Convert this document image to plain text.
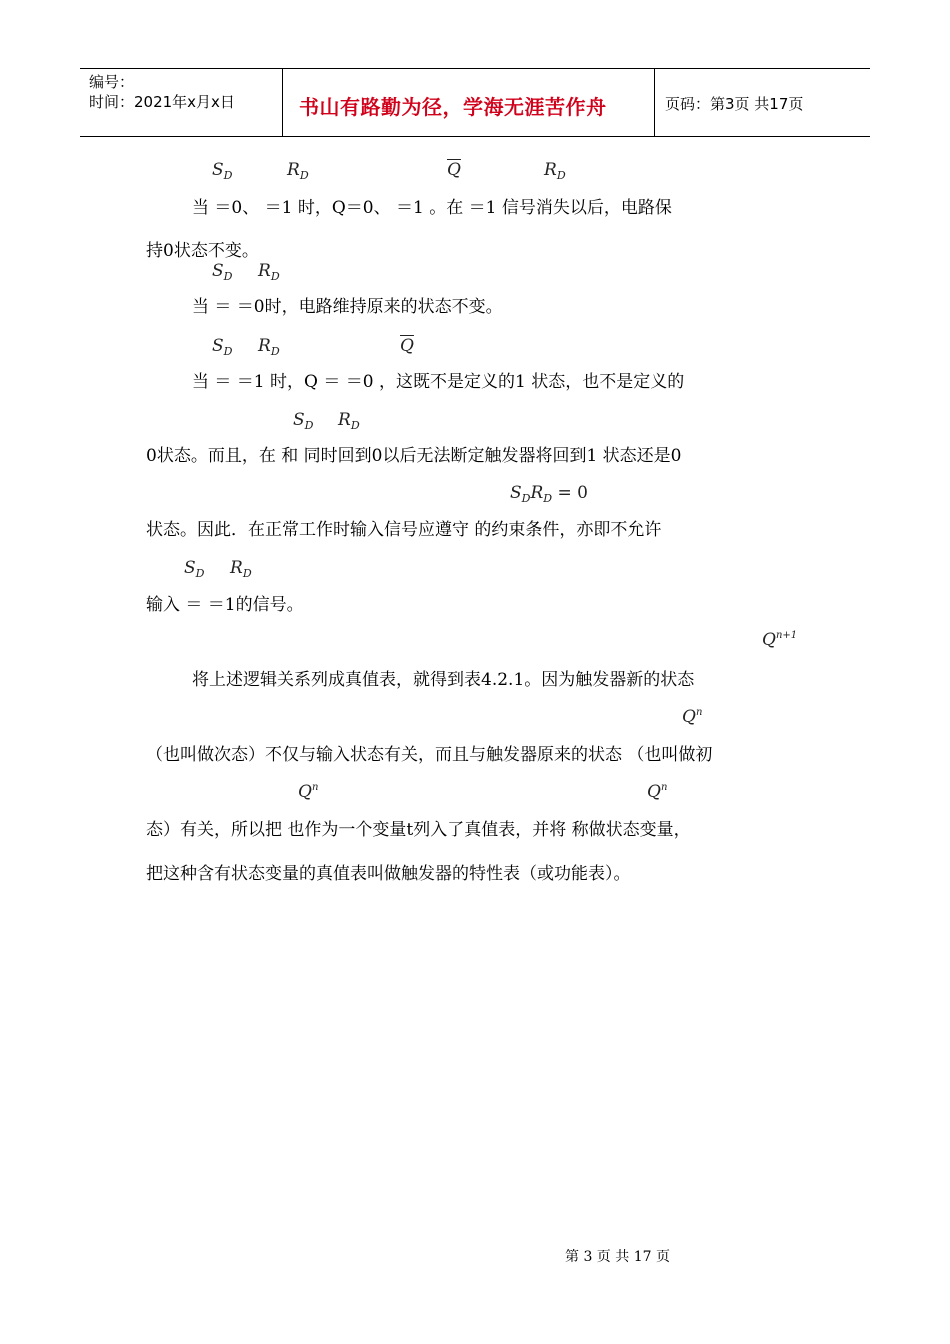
编号：
时间：2021年x月x日	书山有路勤为径，学海无涯苦作舟	页码：第3页 共17页
$S_D$	$R_D$	$\overline{Q}$	$R_D$
当 ＝0、 ＝1 时，Q＝0、 ＝1 。在 ＝1 信号消失以后，电路保
持0状态不变。
$S_D$ $R_D$
当 ＝ ＝0时，电路维持原来的状态不变。
$S_D$ $R_D$	$\overline{Q}$
当 ＝ ＝1 时，Q ＝ ＝0 ，这既不是定义的1 状态，也不是定义的
$S_D$ $R_D$
0状态。而且，在 和 同时回到0以后无法断定触发器将回到1 状态还是0
$S_DR_D = 0$
状态。因此．在正常工作时输入信号应遵守 的约束条件，亦即不允许
$S_D$ $R_D$
输入 ＝ ＝1的信号。
$Q^{n+1}$
将上述逻辑关系列成真值表，就得到表4.2.1。因为触发器新的状态
$Q^n$
（也叫做次态）不仅与输入状态有关，而且与触发器原来的状态 （也叫做初
$Q^n$	$Q^n$
态）有关，所以把 也作为一个变量t列入了真值表，并将 称做状态变量，
把这种含有状态变量的真值表叫做触发器的特性表（或功能表）。
第 3 页 共 17 页
